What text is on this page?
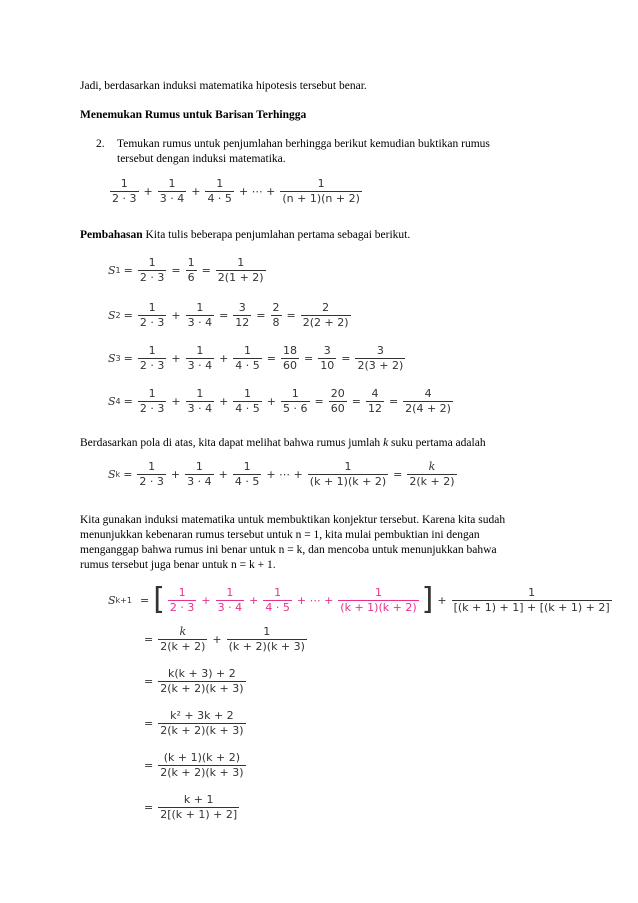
Jadi, berdasarkan induksi matematika hipotesis tersebut benar.
Menemukan Rumus untuk Barisan Terhingga
2. Temukan rumus untuk penjumlahan berhingga berikut kemudian buktikan rumus
tersebut dengan induksi matematika.
$\frac{1}{2 \cdot 3} + \frac{1}{3 \cdot 4} + \frac{1}{4 \cdot 5}$ + ⋯ + $\frac{1}{(n + 1)(n + 2)}$
Pembahasan Kita tulis beberapa penjumlahan pertama sebagai berikut.
S $1 = \frac{1}{2 \cdot 3} = \frac{1}{6} = \frac{1}{2(1 + 2)}$
S $2 = \frac{1}{2 \cdot 3} + \frac{1}{3 \cdot 4} = \frac{3}{12} = \frac{2}{8} = \frac{2}{2(2 + 2)}$
S $3 = \frac{1}{2 \cdot 3} + \frac{1}{3 \cdot 4} + \frac{1}{4 \cdot 5} = \frac{18}{60} = \frac{3}{10} = \frac{3}{2(3 + 2)}$
S $4 = \frac{1}{2 \cdot 3} + \frac{1}{3 \cdot 4} + \frac{1}{4 \cdot 5} + \frac{1}{5 \cdot 6} = \frac{20}{60} = \frac{4}{12} = \frac{4}{2(4 + 2)}$
Berdasarkan pola di atas, kita dapat melihat bahwa rumus jumlah k suku pertama adalah
S $k = \frac{1}{2 \cdot 3} + \frac{1}{3 \cdot 4} + \frac{1}{4 \cdot 5}$ + ⋯ + $\frac{1}{(k + 1)(k + 2)} = \frac{k}{2(k + 2)}$
Kita gunakan induksi matematika untuk membuktikan konjektur tersebut. Karena kita sudah
menunjukkan kebenaran rumus tersebut untuk n = 1, kita mulai pembuktian ini dengan
menganggap bahwa rumus ini benar untuk n = k, dan mencoba untuk menunjukkan bahwa
rumus tersebut juga benar untuk n = k + 1.
S k+1 = [ $\frac{1}{2 \cdot 3} + \frac{1}{3 \cdot 4} + \frac{1}{4 \cdot 5}$ + ⋯ + $\frac{1}{(k + 1)(k + 2)}$ ] + $\frac{1}{[(k + 1) + 1] + [(k + 1) + 2]}$
= $\frac{k}{2(k + 2)} + \frac{1}{(k + 2)(k + 3)}$
= $\frac{k(k + 3) + 2}{2(k + 2)(k + 3)}$
= $\frac{\text{k² + 3k + 2}}{2(k + 2)(k + 3)}$
= $\frac{(k + 1)(k + 2)}{2(k + 2)(k + 3)}$
= $\frac{k + 1}{2[(k + 1) + 2]}$
